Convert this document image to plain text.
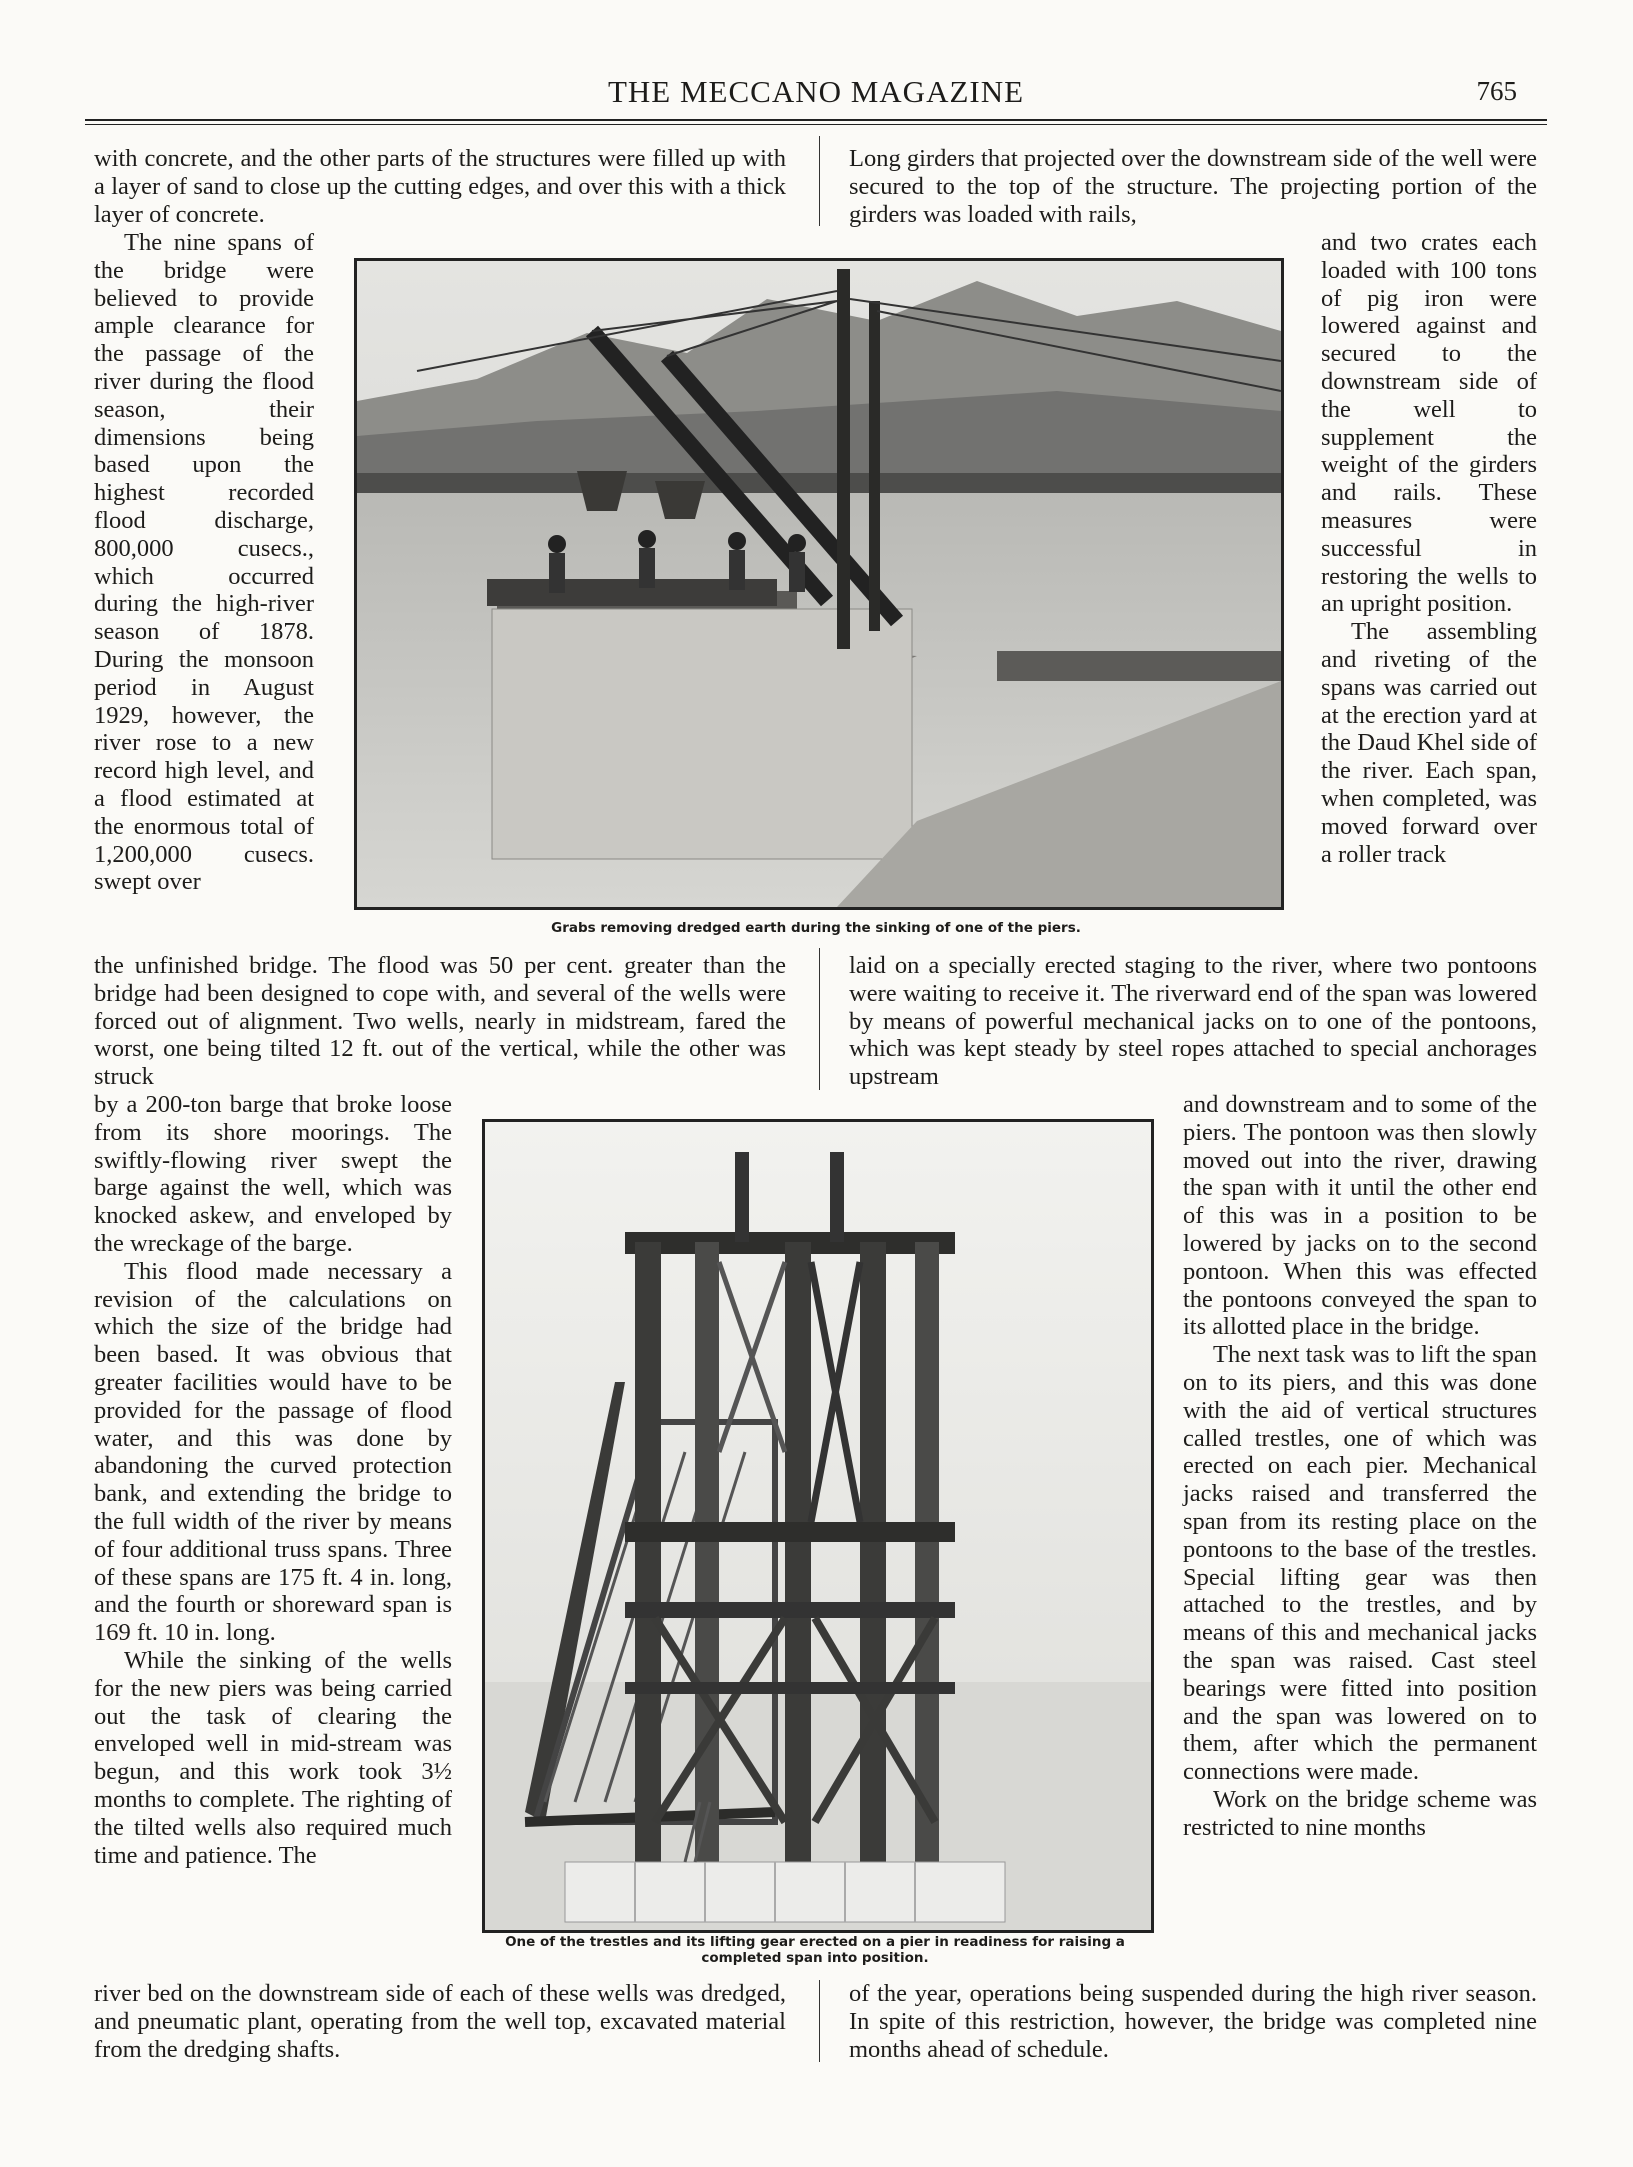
THE MECCANO MAGAZINE	765
with concrete, and the other parts of the structures were filled up with a layer of sand to close up the cutting edges, and over this with a thick layer of concrete.
Long girders that projected over the downstream side of the well were secured to the top of the structure. The projecting portion of the girders was loaded with rails,

The nine spans of the bridge were believed to provide ample clearance for the passage of the river during the flood season, their dimensions being based upon the highest recorded flood discharge, 800,000 cusecs., which occurred during the high-river season of 1878. During the monsoon period in August 1929, however, the river rose to a new record high level, and a flood estimated at the enormous total of 1,200,000 cusecs. swept over

and two crates each loaded with 100 tons of pig iron were lowered against and secured to the downstream side of the well to supplement the weight of the girders and rails. These measures were successful in restoring the wells to an upright position.

The assembling and riveting of the spans was carried out at the erection yard at the Daud Khel side of the river. Each span, when completed, was moved forward over a roller track

Grabs removing dredged earth during the sinking of one of the piers.
the unfinished bridge. The flood was 50 per cent. greater than the bridge had been designed to cope with, and several of the wells were forced out of alignment. Two wells, nearly in midstream, fared the worst, one being tilted 12 ft. out of the vertical, while the other was struck
laid on a specially erected staging to the river, where two pontoons were waiting to receive it. The riverward end of the span was lowered by means of powerful mechanical jacks on to one of the pontoons, which was kept steady by steel ropes attached to special anchorages upstream

by a 200-ton barge that broke loose from its shore moorings. The swiftly-flowing river swept the barge against the well, which was knocked askew, and enveloped by the wreckage of the barge.

This flood made necessary a revision of the calculations on which the size of the bridge had been based. It was obvious that greater facilities would have to be provided for the passage of flood water, and this was done by abandoning the curved protection bank, and extending the bridge to the full width of the river by means of four additional truss spans. Three of these spans are 175 ft. 4 in. long, and the fourth or shoreward span is 169 ft. 10 in. long.

While the sinking of the wells for the new piers was being carried out the task of clearing the enveloped well in mid-stream was begun, and this work took 3½ months to complete. The righting of the tilted wells also required much time and patience. The

and downstream and to some of the piers. The pontoon was then slowly moved out into the river, drawing the span with it until the other end of this was in a position to be lowered by jacks on to the second pontoon. When this was effected the pontoons conveyed the span to its allotted place in the bridge.

The next task was to lift the span on to its piers, and this was done with the aid of vertical structures called trestles, one of which was erected on each pier. Mechanical jacks raised and transferred the span from its resting place on the pontoons to the base of the trestles. Special lifting gear was then attached to the trestles, and by means of this and mechanical jacks the span was raised. Cast steel bearings were fitted into position and the span was lowered on to them, after which the permanent connections were made.

Work on the bridge scheme was restricted to nine months

One of the trestles and its lifting gear erected on a pier in readiness for raising a completed span into position.
river bed on the downstream side of each of these wells was dredged, and pneumatic plant, operating from the well top, excavated material from the dredging shafts.
of the year, operations being suspended during the high river season. In spite of this restriction, however, the bridge was completed nine months ahead of schedule.
